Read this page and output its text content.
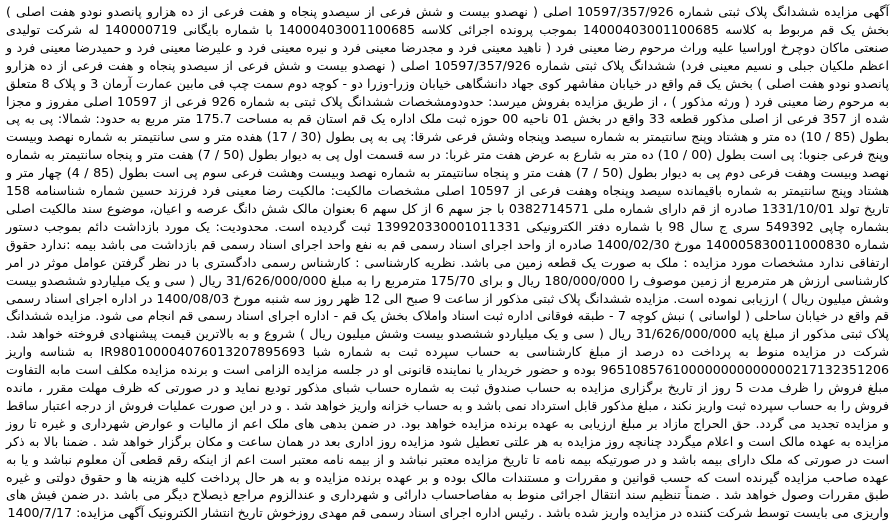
آگهی مزایده ششدانگ پلاک ثبتی شماره 10597/357/926 اصلی ( نهصدو بیست و شش فرعی از سیصدو پنجاه و هفت فرعی از ده هزارو پانصدو نودو هفت اصلی ) بخش یک قم مربوط به کلاسه 14000403001100685 بموجب پرونده اجرائی کلاسه 14000403001100685 با شماره بایگانی 140000719 له شرکت تولیدی صنعتی ماکان دوچرخ اوراسیا علیه وراث مرحوم رضا معینی فرد ( ناهید معینی فرد و مجدرضا معینی فرد و نیره معینی فرد و علیرضا معینی فرد و حمیدرضا معینی فرد و اعظم ملکیان جبلی و نسیم معینی فرد) ششدانگ پلاک ثبتی شماره 10597/357/926 اصلی ( نهصدو بیست و شش فرعی از سیصدو پنجاه و هفت فرعی از ده هزارو پانصدو نودو هفت اصلی ) بخش یک قم واقع در خیابان مفاشهر کوی جهاد دانشگاهی خیابان وزرا-وزرا دو - کوچه دوم سمت چپ فی مابین عمارت آرمان 3 و پلاک 8 متعلق به مرحوم رضا معینی فرد ( ورثه مذکور ) ، از طریق مزایده بفروش میرسد: حدودومشخصات ششدانگ پلاک ثبتی به شماره 926 فرعی از 10597 اصلی مفروز و مجزا شده از 357 فرعی از اصلی مذکور قطعه 33 واقع در بخش 01 ناحیه 00 حوزه ثبت ملک اداره یک قم استان قم به مساحت 175.7 متر مربع به حدود: شمالا: پی به پی بطول (85 / 10) ده متر و هشتاد وپنج سانتیمتر به شماره سیصد وپنجاه وشش فرعی شرقا: پی به پی بطول (30 / 17) هفده متر و سی سانتیمتر به شماره نهصد وبیست وپنج فرعی جنوبا: پی است بطول (00 / 10) ده متر به شارع به عرض هفت متر غربا: در سه قسمت اول پی به دیوار بطول (50 / 7) هفت متر و پنجاه سانتیمتر به شماره نهصد وبیست وهفت فرعی دوم پی به دیوار بطول (50 / 7) هفت متر و پنجاه سانتیمتر به شماره نهصد وبیست وهشت فرعی سوم پی است بطول (85 / 4) چهار متر و هشتاد وپنج سانتیمتر به شماره باقیمانده سیصد وپنجاه وهفت فرعی از 10597 اصلی مشخصات مالکیت: مالکیت رضا معینی فرد فرزند حسین شماره شناسنامه 158 تاریخ تولد 1331/10/01 صادره از قم دارای شماره ملی 0382714571 با جز سهم 6 از کل سهم 6 بعنوان مالک شش دانگ عرصه و اعیان، موضوع سند مالکیت اصلی بشماره چاپی 549392 سری ج سال 98 با شماره دفتر الکترونیکی 139920330001011331 ثبت گردیده است. محدودیت: یک مورد بازداشت دائم بموجب دستور شماره 140005830011000830 مورخ 1400/02/30 صادره از واحد اجرای اسناد رسمی قم به نفع واحد اجرای اسناد رسمی قم بازداشت می باشد بیمه :ندارد حقوق ارتفاقی ندارد مشخصات مورد مزایده : ملک به صورت یک قطعه زمین می باشد. نظریه کارشناسی : کارشناس رسمی دادگستری با در نظر گرفتن عوامل موثر در امر کارشناسی ارزش هر مترمربع از زمین موصوف را 180/000/000 ریال و برای 175/70 مترمربع را به مبلغ 31/626/000/000 ریال ( سی و یک میلیاردو ششصدو بیست وشش میلیون ریال ) ارزیابی نموده است. مزایده ششدانگ پلاک ثبتی مذکور از ساعت 9 صبح الی 12 ظهر روز سه شنبه مورخ 1400/08/03 در اداره اجرای اسناد رسمی قم واقع در خیابان ساحلی ( لواسانی ) نبش کوچه 7 - طبقه فوقانی اداره ثبت اسناد واملاک بخش یک قم - اداره اجرای اسناد رسمی قم انجام می شود. مزایده ششدانگ پلاک ثبتی مذکور از مبلغ پایه 31/626/000/000 ریال ( سی و یک میلیاردو ششصدو بیست وشش میلیون ریال ) شروع و به بالاترین قیمت پیشنهادی فروخته خواهد شد. شرکت در مزایده منوط به پرداخت ده درصد از مبلغ کارشناسی به حساب سپرده ثبت به شماره شبا IR980100004076013207895693 به شناسه واریز 965108576100000000000000217132351206 بوده و حضور خریدار یا نماینده قانونی او در جلسه مزایده الزامی است و برنده مزایده مکلف است مابه التفاوت مبلغ فروش را ظرف مدت 5 روز از تاریخ برگزاری مزایده به حساب صندوق ثبت به شماره حساب شبای مذکور تودیع نماید و در صورتی که ظرف مهلت مقرر ، مانده فروش را به حساب سپرده ثبت واریز نکند ، مبلغ مذکور قابل استرداد نمی باشد و به حساب خزانه واریز خواهد شد . و در این صورت عملیات فروش از درجه اعتبار ساقط و مزایده تجدید می گردد. حق الحراج مازاد بر مبلغ ارزیابی به عهده برنده مزایده خواهد بود. در ضمن بدهی های ملک اعم از مالیات و عوارض شهرداری و غیره تا روز مزایده به عهده مالک است و اعلام میگردد چنانچه روز مزایده به هر علتی تعطیل شود مزایده روز اداری بعد در همان ساعت و مکان برگزار خواهد شد . ضمنا بالا به ذکر است در صورتی که ملک دارای بیمه باشد و در صورتیکه بیمه نامه تا تاریخ مزایده معتبر نباشد و از بیمه نامه معتبر است اعم از اینکه رقم قطعی آن معلوم نباشد و یا به عهده صاحب مزایده گیرنده است که حسب قوانین و مقررات و مستندات مالک بوده و بر عهده برنده مزایده و به هر حال پرداخت کلیه هزینه ها و حقوق دولتی و غیره طبق مقررات وصول خواهد شد . ضمناً تنظیم سند انتقال اجرائی منوط به مفاصاحساب دارائی و شهرداری و عندالزوم مراجع ذیصلاح دیگر می باشد .در ضمن فیش های واریزی می بایست توسط شرکت کننده در مزایده واریز شده باشد . رئیس اداره اجرای اسناد رسمی قم مهدی روزخوش تاریخ انتشار الکترونیک آگهی مزایده: 1400/7/17
